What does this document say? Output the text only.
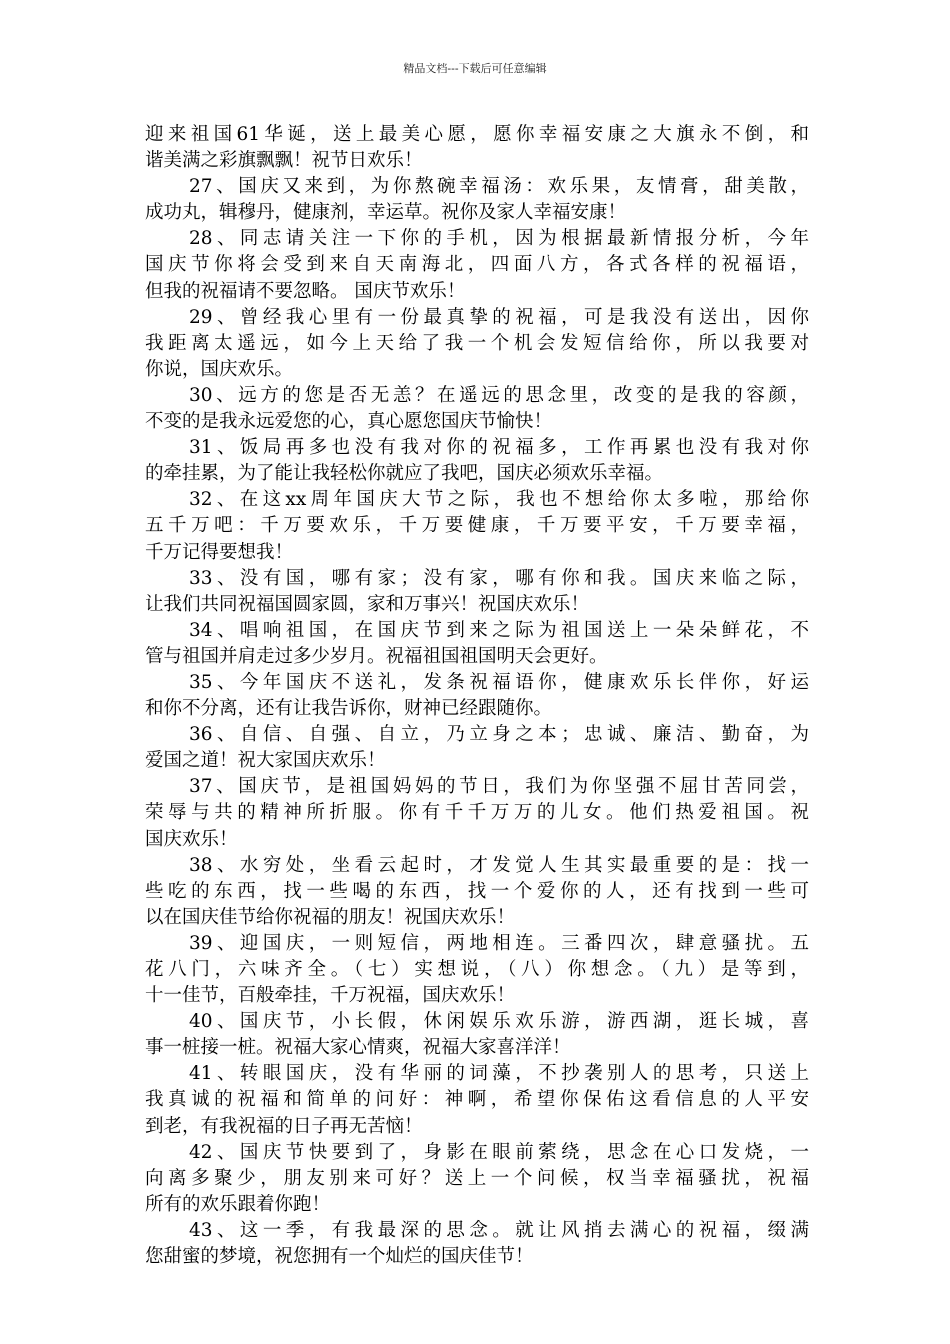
精品文档---下载后可任意编辑
迎来祖国61华诞，送上最美心愿，愿你幸福安康之大旗永不倒，和
谐美满之彩旗飘飘！祝节日欢乐！
27、国庆又来到，为你熬碗幸福汤：欢乐果，友情膏，甜美散，
成功丸，辑穆丹，健康剂，幸运草。祝你及家人幸福安康！
28、同志请关注一下你的手机，因为根据最新情报分析，今年
国庆节你将会受到来自天南海北，四面八方，各式各样的祝福语，
但我的祝福请不要忽略。 国庆节欢乐！
29、曾经我心里有一份最真挚的祝福，可是我没有送出，因你
我距离太遥远，如今上天给了我一个机会发短信给你，所以我要对
你说，国庆欢乐。
30、远方的您是否无恙？在遥远的思念里，改变的是我的容颜，
不变的是我永远爱您的心，真心愿您国庆节愉快！
31、饭局再多也没有我对你的祝福多，工作再累也没有我对你
的牵挂累，为了能让我轻松你就应了我吧，国庆必须欢乐幸福。
32、在这xx周年国庆大节之际，我也不想给你太多啦，那给你
五千万吧：千万要欢乐，千万要健康，千万要平安，千万要幸福，
千万记得要想我！
33、没有国，哪有家；没有家，哪有你和我。国庆来临之际，
让我们共同祝福国圆家圆，家和万事兴！祝国庆欢乐！
34、唱响祖国，在国庆节到来之际为祖国送上一朵朵鲜花，不
管与祖国并肩走过多少岁月。祝福祖国祖国明天会更好。
35、今年国庆不送礼，发条祝福语你，健康欢乐长伴你，好运
和你不分离，还有让我告诉你，财神已经跟随你。
36、自信、自强、自立，乃立身之本；忠诚、廉洁、勤奋，为
爱国之道！祝大家国庆欢乐！
37、国庆节，是祖国妈妈的节日，我们为你坚强不屈甘苦同尝，
荣辱与共的精神所折服。你有千千万万的儿女。他们热爱祖国。祝
国庆欢乐！
38、水穷处，坐看云起时，才发觉人生其实最重要的是：找一
些吃的东西，找一些喝的东西，找一个爱你的人，还有找到一些可
以在国庆佳节给你祝福的朋友！祝国庆欢乐！
39、迎国庆，一则短信，两地相连。三番四次，肆意骚扰。五
花八门，六味齐全。（七）实想说，（八）你想念。（九）是等到，
十一佳节，百般牵挂，千万祝福，国庆欢乐！
40、国庆节，小长假，休闲娱乐欢乐游，游西湖，逛长城，喜
事一桩接一桩。祝福大家心情爽，祝福大家喜洋洋！
41、转眼国庆，没有华丽的词藻，不抄袭别人的思考，只送上
我真诚的祝福和简单的问好：神啊，希望你保佑这看信息的人平安
到老，有我祝福的日子再无苦恼！
42、国庆节快要到了，身影在眼前萦绕，思念在心口发烧，一
向离多聚少，朋友别来可好？送上一个问候，权当幸福骚扰，祝福
所有的欢乐跟着你跑！
43、这一季，有我最深的思念。就让风捎去满心的祝福，缀满
您甜蜜的梦境，祝您拥有一个灿烂的国庆佳节！
